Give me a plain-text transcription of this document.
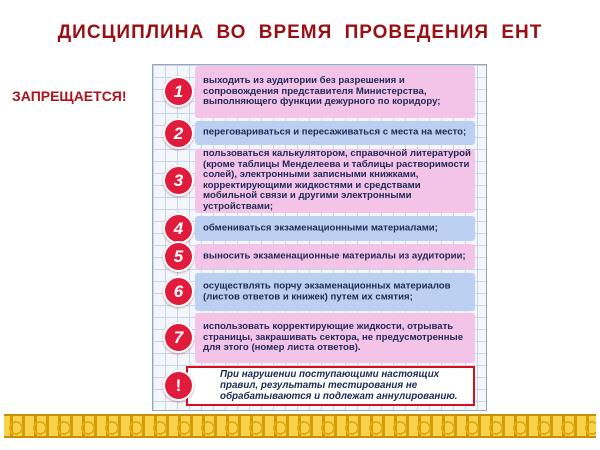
ДИСЦИПЛИНА ВО ВРЕМЯ ПРОВЕДЕНИЯ ЕНТ
ЗАПРЕЩАЕТСЯ!	1
выходить из аудитории без разрешения и сопровождения представителя Министерства, выполняющего функции дежурного по коридору;
2	переговариваться и пересаживаться с места на место;
3
пользоваться калькулятором, справочной литературой (кроме таблицы Менделеева и таблицы растворимости солей), электронными записными книжками, корректирующими жидкостями и средствами мобильной связи и другими электронными устройствами;
4	обмениваться экзаменационными материалами;
5	выносить экзаменационные материалы из аудитории;
6	осуществлять порчу экзаменационных материалов (листов ответов и книжек) путем их смятия;
7
использовать корректирующие жидкости, отрывать страницы, закрашивать сектора, не предусмотренные для этого (номер листа ответов).
При нарушении поступающими настоящих правил, результаты тестирования не обрабатываются и подлежат аннулированию.
!
